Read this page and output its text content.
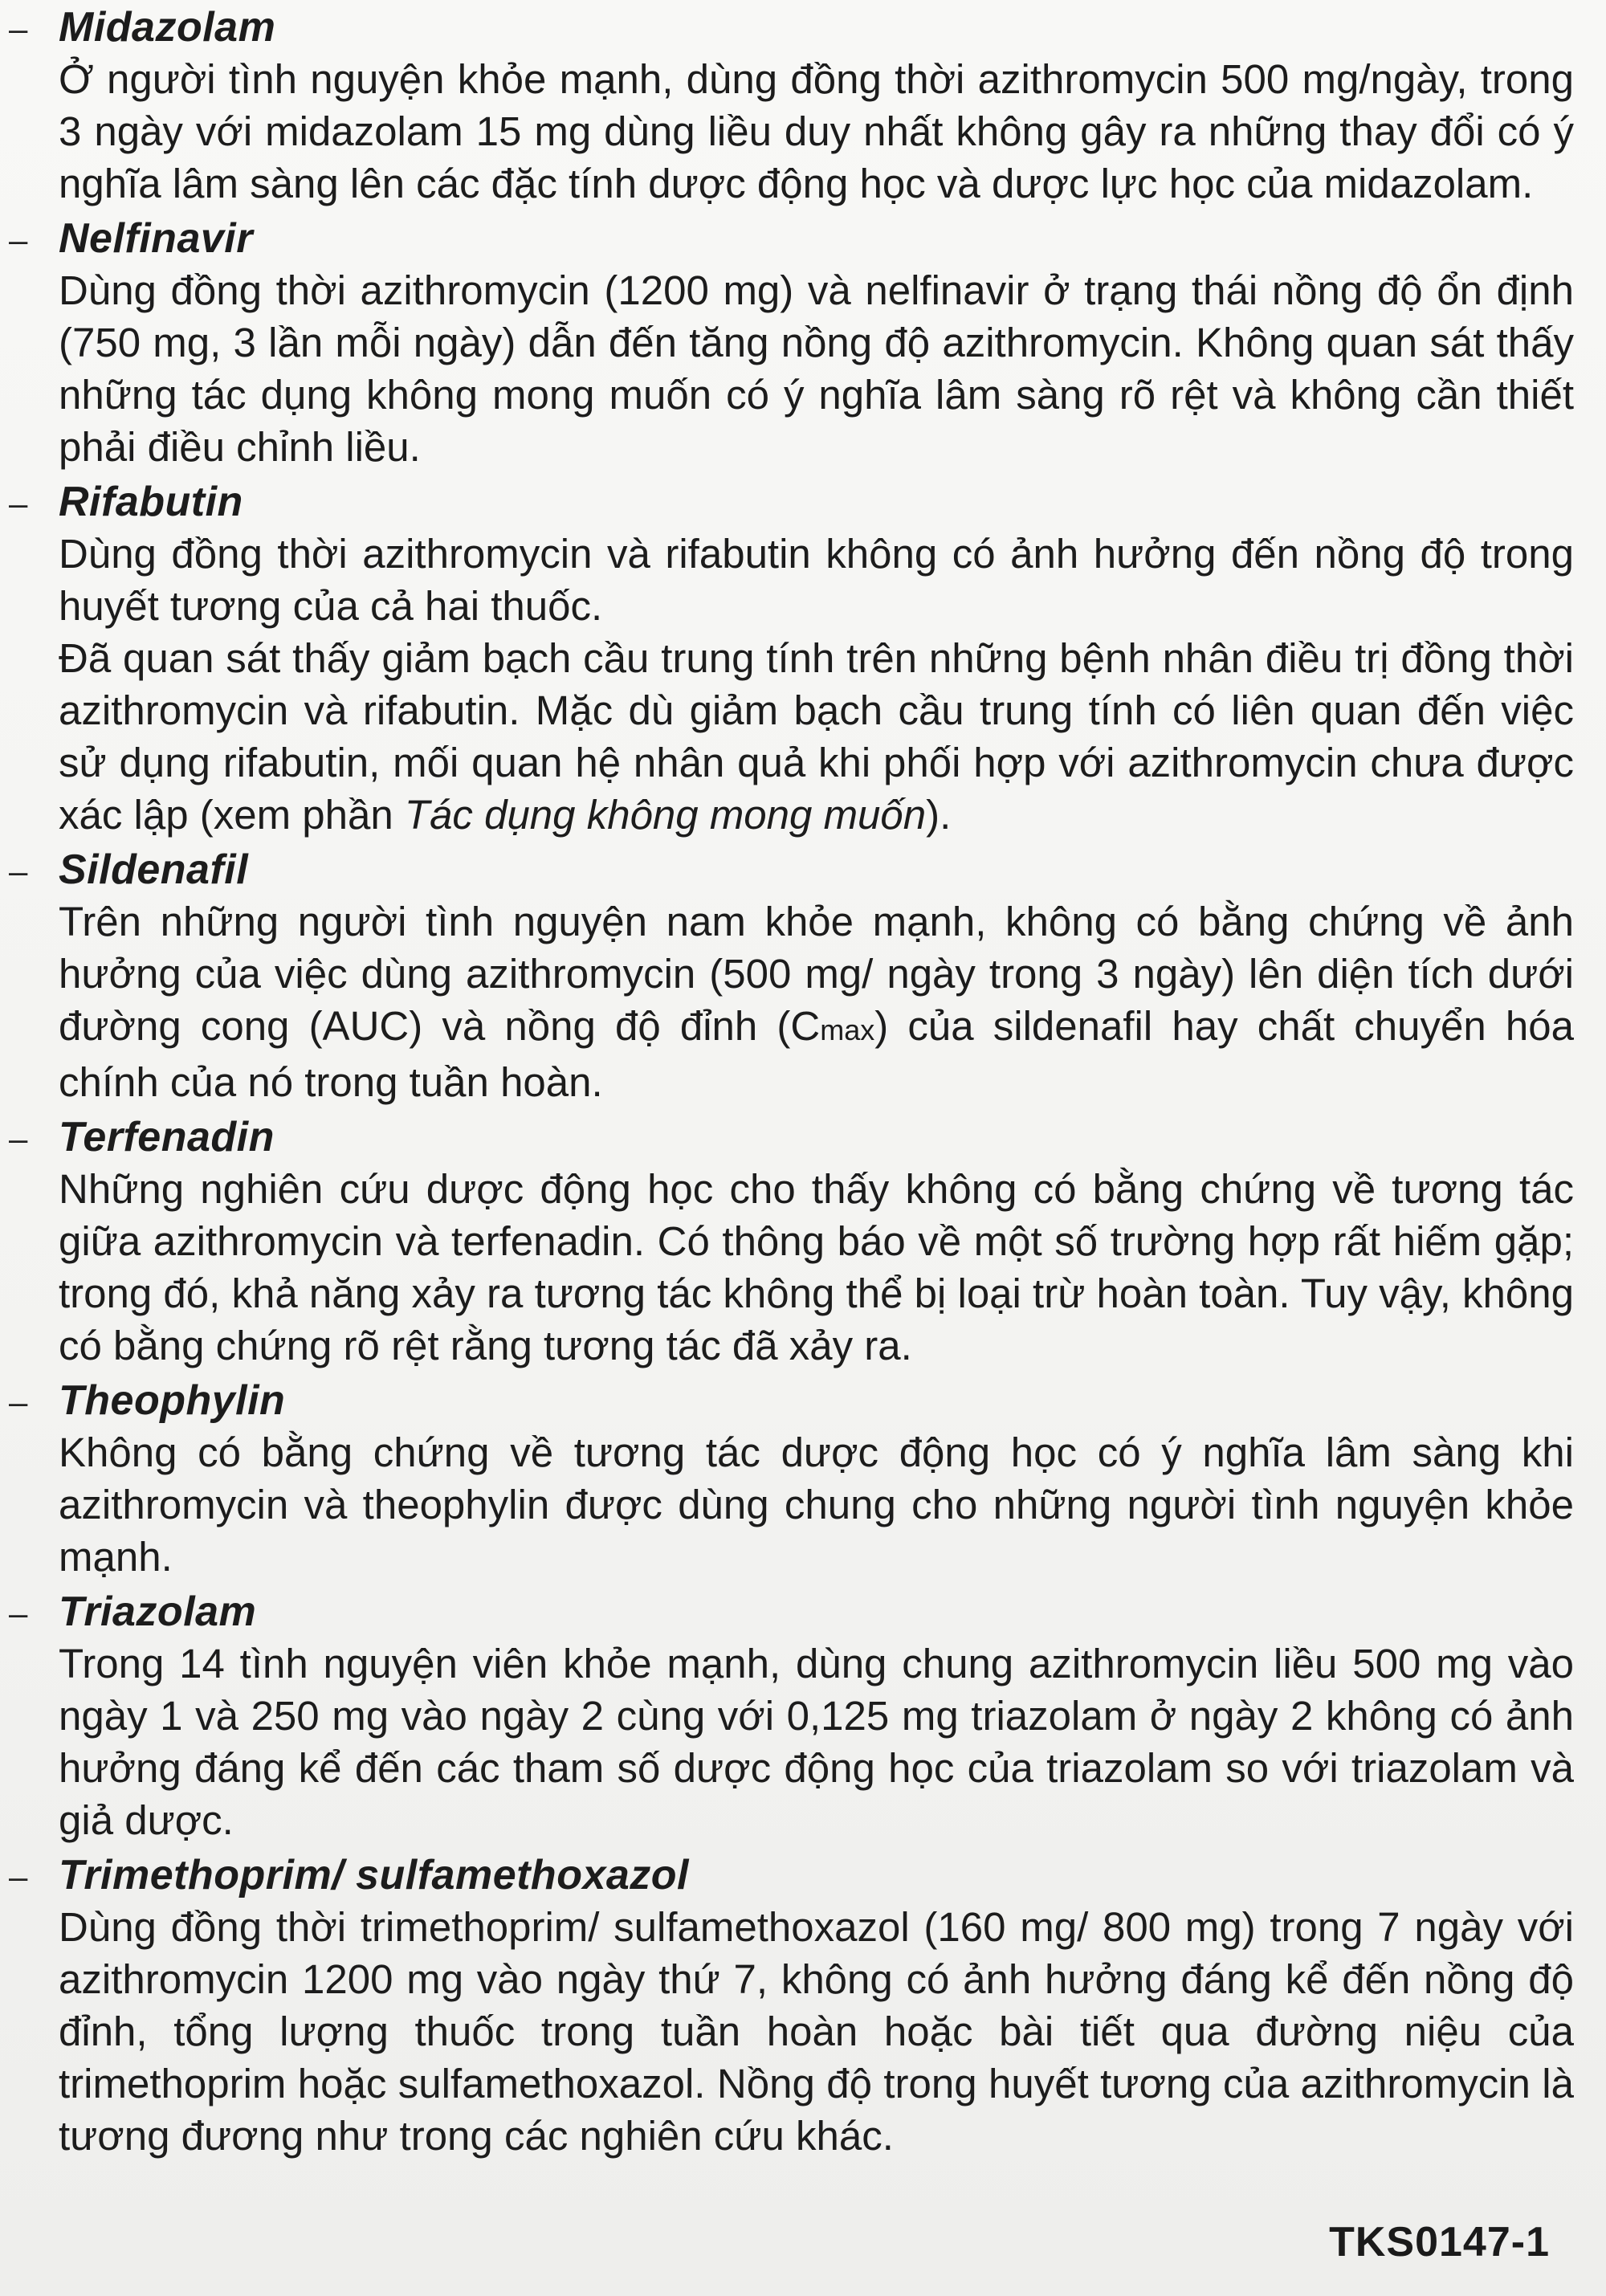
– Midazolam

Ở người tình nguyện khỏe mạnh, dùng đồng thời azithromycin 500 mg/ngày, trong 3 ngày với midazolam 15 mg dùng liều duy nhất không gây ra những thay đổi có ý nghĩa lâm sàng lên các đặc tính dược động học và dược lực học của midazolam.

– Nelfinavir

Dùng đồng thời azithromycin (1200 mg) và nelfinavir ở trạng thái nồng độ ổn định (750 mg, 3 lần mỗi ngày) dẫn đến tăng nồng độ azithromycin. Không quan sát thấy những tác dụng không mong muốn có ý nghĩa lâm sàng rõ rệt và không cần thiết phải điều chỉnh liều.

– Rifabutin

Dùng đồng thời azithromycin và rifabutin không có ảnh hưởng đến nồng độ trong huyết tương của cả hai thuốc.

Đã quan sát thấy giảm bạch cầu trung tính trên những bệnh nhân điều trị đồng thời azithromycin và rifabutin. Mặc dù giảm bạch cầu trung tính có liên quan đến việc sử dụng rifabutin, mối quan hệ nhân quả khi phối hợp với azithromycin chưa được xác lập (xem phần Tác dụng không mong muốn).

– Sildenafil

Trên những người tình nguyện nam khỏe mạnh, không có bằng chứng về ảnh hưởng của việc dùng azithromycin (500 mg/ ngày trong 3 ngày) lên diện tích dưới đường cong (AUC) và nồng độ đỉnh (Cmax) của sildenafil hay chất chuyển hóa chính của nó trong tuần hoàn.

– Terfenadin

Những nghiên cứu dược động học cho thấy không có bằng chứng về tương tác giữa azithromycin và terfenadin. Có thông báo về một số trường hợp rất hiếm gặp; trong đó, khả năng xảy ra tương tác không thể bị loại trừ hoàn toàn. Tuy vậy, không có bằng chứng rõ rệt rằng tương tác đã xảy ra.

– Theophylin

Không có bằng chứng về tương tác dược động học có ý nghĩa lâm sàng khi azithromycin và theophylin được dùng chung cho những người tình nguyện khỏe mạnh.

– Triazolam

Trong 14 tình nguyện viên khỏe mạnh, dùng chung azithromycin liều 500 mg vào ngày 1 và 250 mg vào ngày 2 cùng với 0,125 mg triazolam ở ngày 2 không có ảnh hưởng đáng kể đến các tham số dược động học của triazolam so với triazolam và giả dược.

– Trimethoprim/ sulfamethoxazol

Dùng đồng thời trimethoprim/ sulfamethoxazol (160 mg/ 800 mg) trong 7 ngày với azithromycin 1200 mg vào ngày thứ 7, không có ảnh hưởng đáng kể đến nồng độ đỉnh, tổng lượng thuốc trong tuần hoàn hoặc bài tiết qua đường niệu của trimethoprim hoặc sulfamethoxazol. Nồng độ trong huyết tương của azithromycin là tương đương như trong các nghiên cứu khác.

TKS0147-1
